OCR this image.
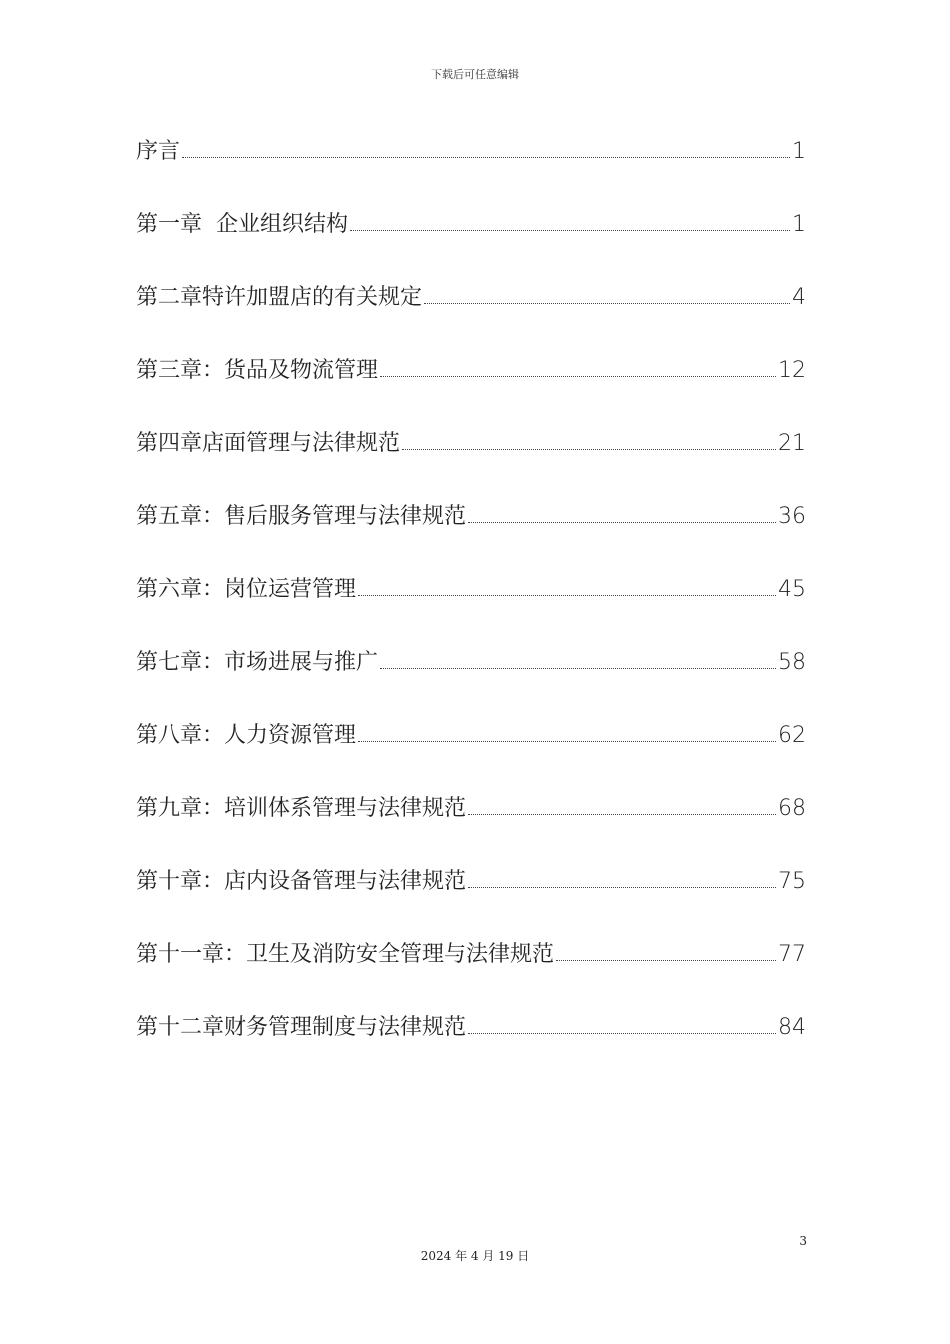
下载后可任意编辑
序言	1
第一章  企业组织结构	1
第二章特许加盟店的有关规定	4
第三章：货品及物流管理	12
第四章店面管理与法律规范	21
第五章：售后服务管理与法律规范	36
第六章：岗位运营管理	45
第七章：市场进展与推广	58
第八章：人力资源管理	62
第九章：培训体系管理与法律规范	68
第十章：店内设备管理与法律规范	75
第十一章：卫生及消防安全管理与法律规范	77
第十二章财务管理制度与法律规范	84
3
2024 年 4 月 19 日
